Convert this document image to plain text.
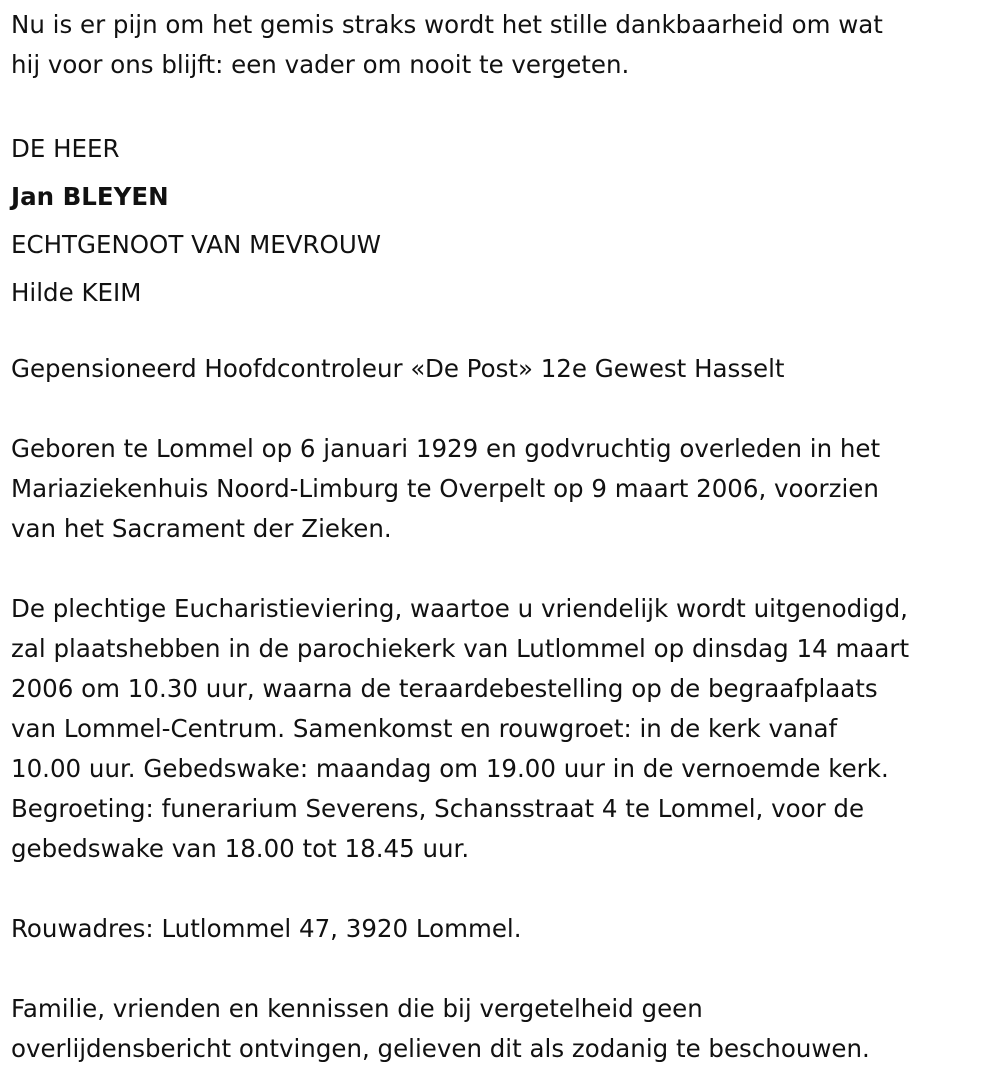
Nu is er pijn om het gemis straks wordt het stille dankbaarheid om wat
hij voor ons blijft: een vader om nooit te vergeten.

DE HEER

Jan BLEYEN

ECHTGENOOT VAN MEVROUW

Hilde KEIM

Gepensioneerd Hoofdcontroleur «De Post» 12e Gewest Hasselt

Geboren te Lommel op 6 januari 1929 en godvruchtig overleden in het
Mariaziekenhuis Noord-Limburg te Overpelt op 9 maart 2006, voorzien
van het Sacrament der Zieken.

De plechtige Eucharistieviering, waartoe u vriendelijk wordt uitgenodigd,
zal plaatshebben in de parochiekerk van Lutlommel op dinsdag 14 maart
2006 om 10.30 uur, waarna de teraardebestelling op de begraafplaats
van Lommel-Centrum. Samenkomst en rouwgroet: in de kerk vanaf
10.00 uur. Gebedswake: maandag om 19.00 uur in de vernoemde kerk.
Begroeting: funerarium Severens, Schansstraat 4 te Lommel, voor de
gebedswake van 18.00 tot 18.45 uur.

Rouwadres: Lutlommel 47, 3920 Lommel.

Familie, vrienden en kennissen die bij vergetelheid geen
overlijdensbericht ontvingen, gelieven dit als zodanig te beschouwen.
